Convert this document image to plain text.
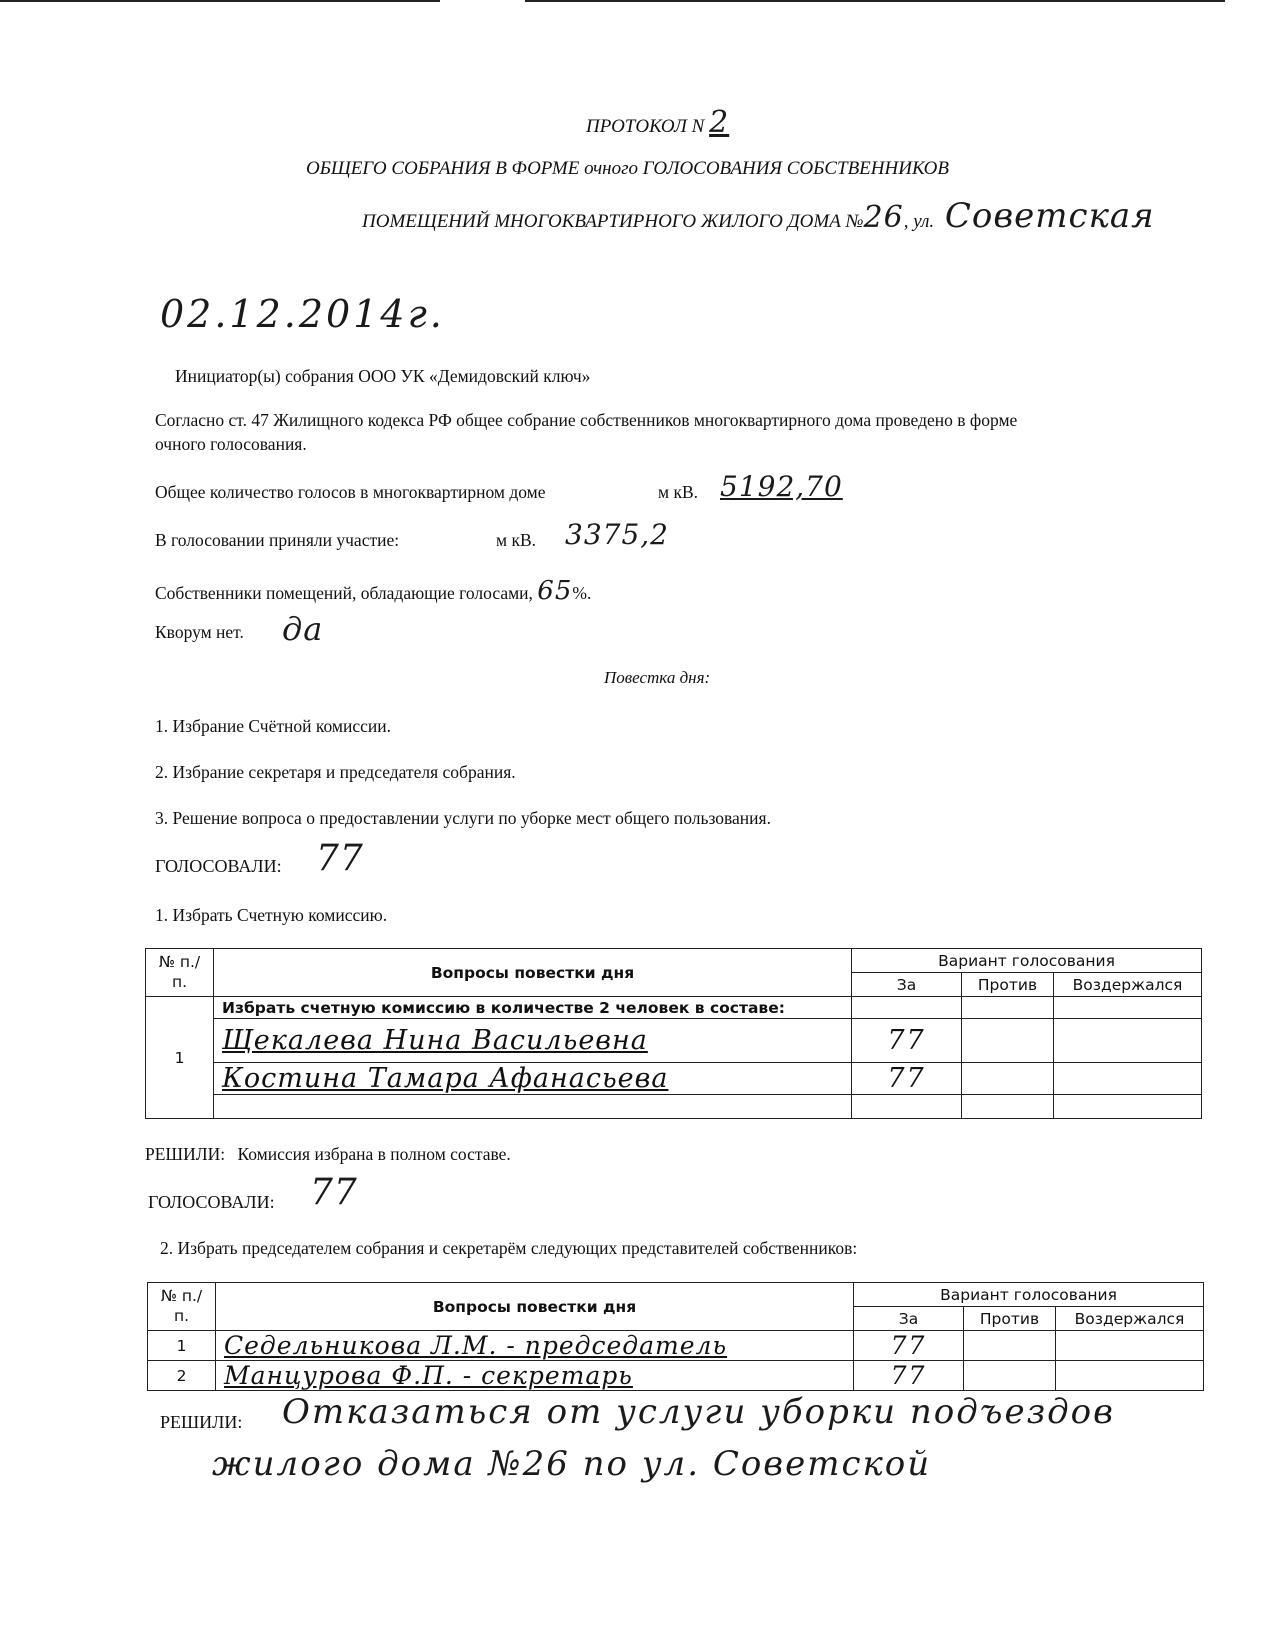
ПРОТОКОЛ N 2
ОБЩЕГО СОБРАНИЯ В ФОРМЕ очного ГОЛОСОВАНИЯ СОБСТВЕННИКОВ
ПОМЕЩЕНИЙ МНОГОКВАРТИРНОГО ЖИЛОГО ДОМА №26, ул. Советская
02.12.2014г.
Инициатор(ы) собрания ООО УК «Демидовский ключ»
Согласно ст. 47 Жилищного кодекса РФ общее собрание собственников многоквартирного дома проведено в форме
очного голосования.
Общее количество голосов в многоквартирном доме	м кВ. 5192,70
В голосовании приняли участие:	м кВ. 3375,2
Собственники помещений, обладающие голосами, 65%.
Кворум нет. да
Повестка дня:
1. Избрание Счётной комиссии.
2. Избрание секретаря и председателя собрания.
3. Решение вопроса о предоставлении услуги по уборке мест общего пользования.
ГОЛОСОВАЛИ: 77
1. Избрать Счетную комиссию.
№ п./п.	Вопросы повестки дня	Вариант голосования		
		За	Против	Воздержался
1	Избрать счетную комиссию в количестве 2 человек в составе:			
	Щекалева Нина Васильевна	77		
	Костина Тамара Афанасьева	77		

РЕШИЛИ: Комиссия избрана в полном составе.
ГОЛОСОВАЛИ: 77
2. Избрать председателем собрания и секретарём следующих представителей собственников:
№ п./п.	Вопросы повестки дня	Вариант голосования		
		За	Против	Воздержался
1	Седельникова Л.М. - председатель	77		
2	Манцурова Ф.П. - секретарь	77		
РЕШИЛИ: Отказаться от услуги уборки подъездов
жилого дома №26 по ул. Советской
